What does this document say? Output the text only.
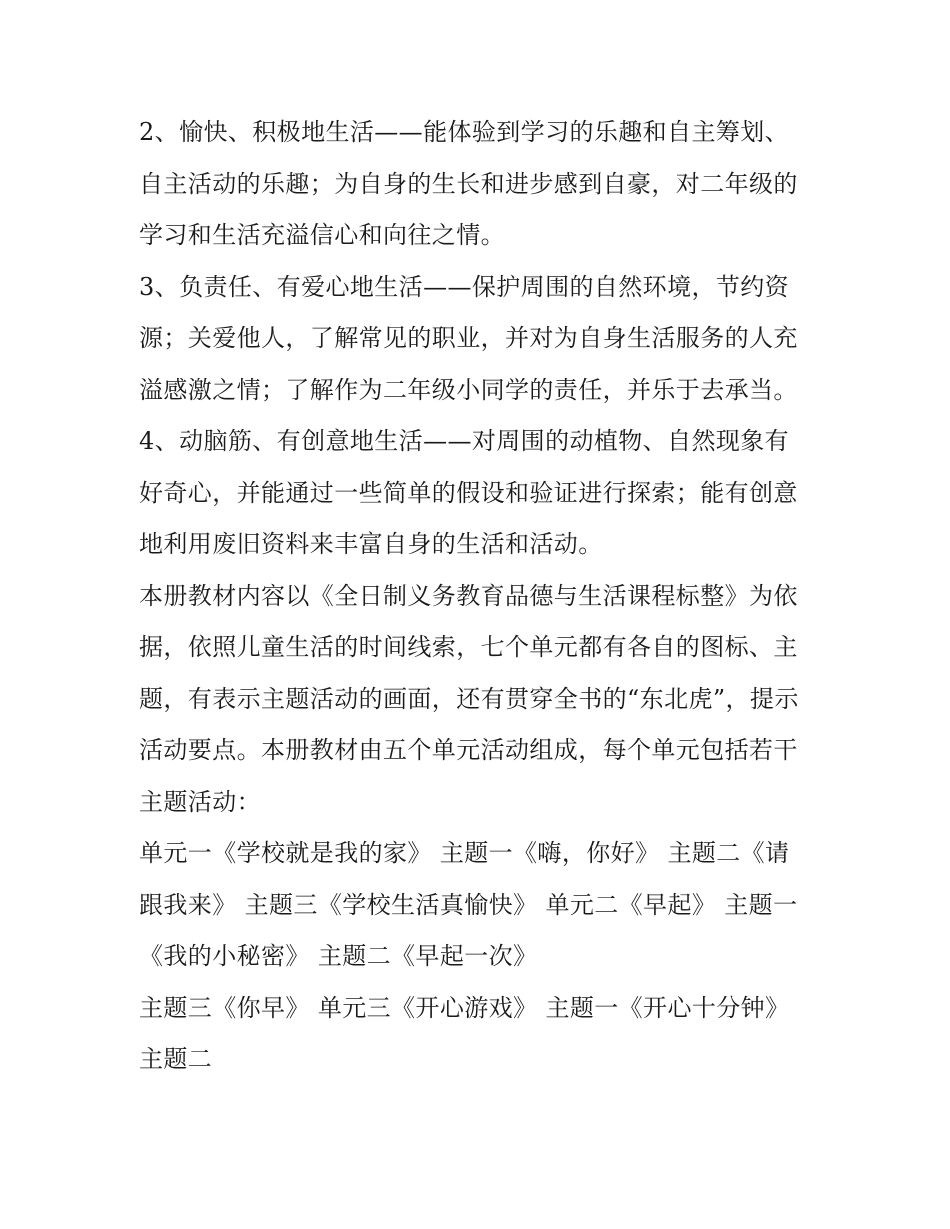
2、愉快、积极地生活——能体验到学习的乐趣和自主筹划、
自主活动的乐趣；为自身的生长和进步感到自豪，对二年级的
学习和生活充溢信心和向往之情。

3、负责任、有爱心地生活——保护周围的自然环境，节约资
源；关爱他人，了解常见的职业，并对为自身生活服务的人充
溢感激之情；了解作为二年级小同学的责任，并乐于去承当。

4、动脑筋、有创意地生活——对周围的动植物、自然现象有
好奇心，并能通过一些简单的假设和验证进行探索；能有创意
地利用废旧资料来丰富自身的生活和活动。

本册教材内容以《全日制义务教育品德与生活课程标整》为依
据，依照儿童生活的时间线索，七个单元都有各自的图标、主
题，有表示主题活动的画面，还有贯穿全书的“东北虎”，提示
活动要点。本册教材由五个单元活动组成，每个单元包括若干
主题活动：

单元一《学校就是我的家》 主题一《嗨，你好》 主题二《请
跟我来》 主题三《学校生活真愉快》 单元二《早起》 主题一
《我的小秘密》 主题二《早起一次》

主题三《你早》 单元三《开心游戏》 主题一《开心十分钟》
主题二
